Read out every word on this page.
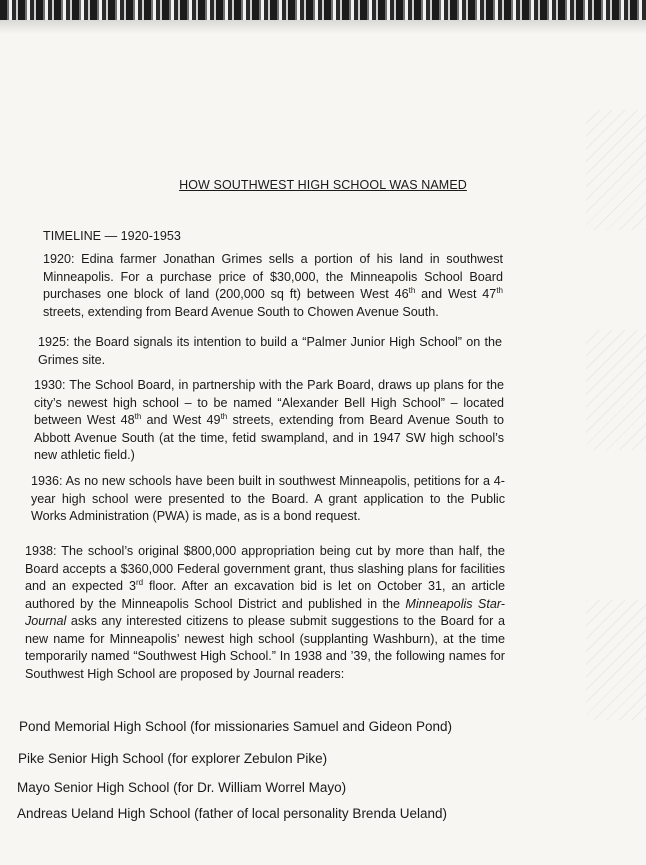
HOW SOUTHWEST HIGH SCHOOL WAS NAMED
TIMELINE — 1920-1953

1920: Edina farmer Jonathan Grimes sells a portion of his land in southwest Minneapolis. For a purchase price of $30,000, the Minneapolis School Board purchases one block of land (200,000 sq ft) between West 46th and West 47th streets, extending from Beard Avenue South to Chowen Avenue South.

1925: the Board signals its intention to build a “Palmer Junior High School” on the Grimes site.

1930: The School Board, in partnership with the Park Board, draws up plans for the city’s newest high school – to be named “Alexander Bell High School” – located between West 48th and West 49th streets, extending from Beard Avenue South to Abbott Avenue South (at the time, fetid swampland, and in 1947 SW high school’s new athletic field.)

1936: As no new schools have been built in southwest Minneapolis, petitions for a 4-year high school were presented to the Board. A grant application to the Public Works Administration (PWA) is made, as is a bond request.

1938: The school’s original $800,000 appropriation being cut by more than half, the Board accepts a $360,000 Federal government grant, thus slashing plans for facilities and an expected 3rd floor. After an excavation bid is let on October 31, an article authored by the Minneapolis School District and published in the Minneapolis Star-Journal asks any interested citizens to please submit suggestions to the Board for a new name for Minneapolis’ newest high school (supplanting Washburn), at the time temporarily named “Southwest High School.” In 1938 and ’39, the following names for Southwest High School are proposed by Journal readers:

Pond Memorial High School (for missionaries Samuel and Gideon Pond)
Pike Senior High School (for explorer Zebulon Pike)
Mayo Senior High School (for Dr. William Worrel Mayo)
Andreas Ueland High School (father of local personality Brenda Ueland)
